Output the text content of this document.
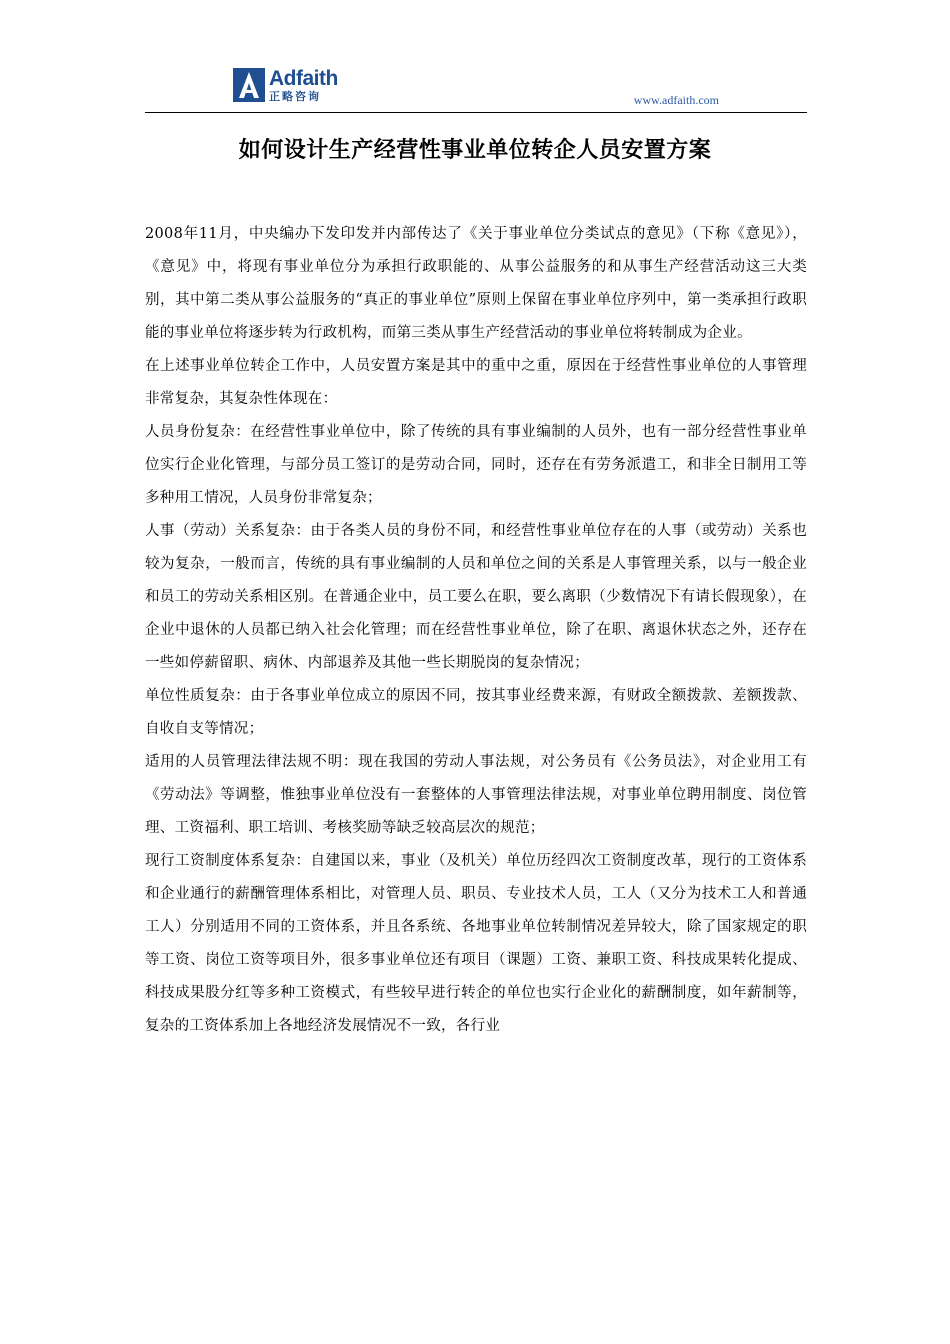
Adfaith
正略咨询	www.adfaith.com
如何设计生产经营性事业单位转企人员安置方案

2008年11月，中央编办下发印发并内部传达了《关于事业单位分类试点的意见》（下称《意见》），《意见》中，将现有事业单位分为承担行政职能的、从事公益服务的和从事生产经营活动这三大类别，其中第二类从事公益服务的“真正的事业单位”原则上保留在事业单位序列中，第一类承担行政职能的事业单位将逐步转为行政机构，而第三类从事生产经营活动的事业单位将转制成为企业。

在上述事业单位转企工作中，人员安置方案是其中的重中之重，原因在于经营性事业单位的人事管理非常复杂，其复杂性体现在：

人员身份复杂：在经营性事业单位中，除了传统的具有事业编制的人员外，也有一部分经营性事业单位实行企业化管理，与部分员工签订的是劳动合同，同时，还存在有劳务派遣工，和非全日制用工等多种用工情况，人员身份非常复杂；

人事（劳动）关系复杂：由于各类人员的身份不同，和经营性事业单位存在的人事（或劳动）关系也较为复杂，一般而言，传统的具有事业编制的人员和单位之间的关系是人事管理关系，以与一般企业和员工的劳动关系相区别。在普通企业中，员工要么在职，要么离职（少数情况下有请长假现象），在企业中退休的人员都已纳入社会化管理；而在经营性事业单位，除了在职、离退休状态之外，还存在一些如停薪留职、病休、内部退养及其他一些长期脱岗的复杂情况；

单位性质复杂：由于各事业单位成立的原因不同，按其事业经费来源，有财政全额拨款、差额拨款、自收自支等情况；

适用的人员管理法律法规不明：现在我国的劳动人事法规，对公务员有《公务员法》，对企业用工有《劳动法》等调整，惟独事业单位没有一套整体的人事管理法律法规，对事业单位聘用制度、岗位管理、工资福利、职工培训、考核奖励等缺乏较高层次的规范；

现行工资制度体系复杂：自建国以来，事业（及机关）单位历经四次工资制度改革，现行的工资体系和企业通行的薪酬管理体系相比，对管理人员、职员、专业技术人员，工人（又分为技术工人和普通工人）分别适用不同的工资体系，并且各系统、各地事业单位转制情况差异较大，除了国家规定的职等工资、岗位工资等项目外，很多事业单位还有项目（课题）工资、兼职工资、科技成果转化提成、科技成果股分红等多种工资模式，有些较早进行转企的单位也实行企业化的薪酬制度，如年薪制等，复杂的工资体系加上各地经济发展情况不一致，各行业
